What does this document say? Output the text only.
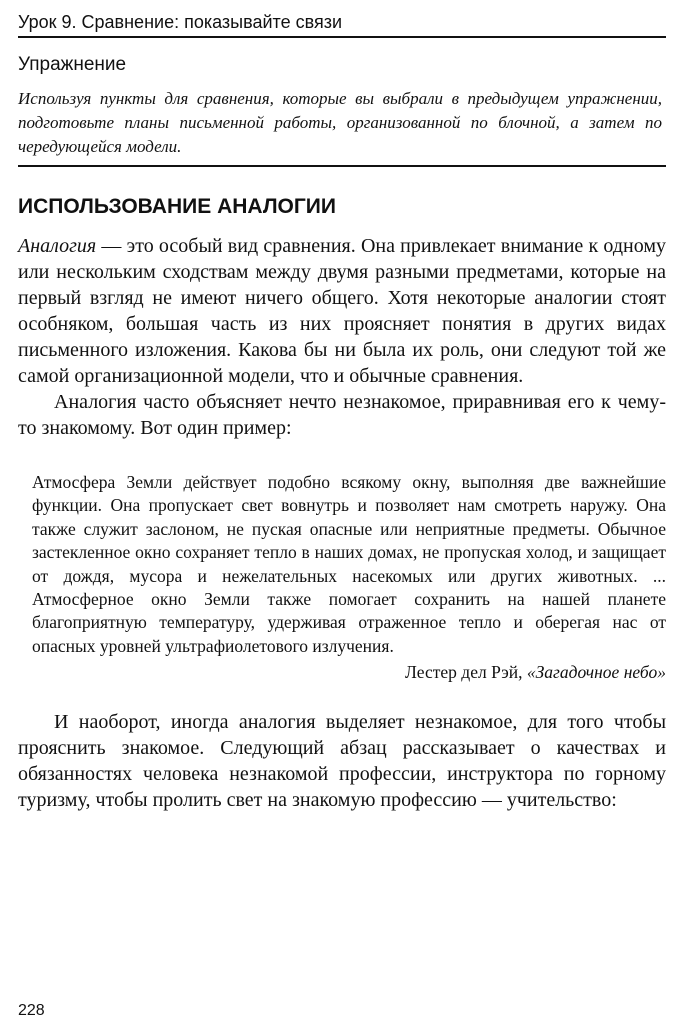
Урок 9. Сравнение: показывайте связи
Упражнение
Используя пункты для сравнения, которые вы выбрали в предыдущем упражнении, подготовьте планы письменной работы, организованной по блочной, а затем по чередующейся модели.
ИСПОЛЬЗОВАНИЕ АНАЛОГИИ

Аналогия — это особый вид сравнения. Она привлекает внимание к одному или нескольким сходствам между двумя разными предметами, которые на первый взгляд не имеют ничего общего. Хотя некоторые аналогии стоят особняком, большая часть из них проясняет понятия в других видах письменного изложения. Какова бы ни была их роль, они следуют той же самой организационной модели, что и обычные сравнения.

Аналогия часто объясняет нечто незнакомое, приравнивая его к чему-то знакомому. Вот один пример:

Атмосфера Земли действует подобно всякому окну, выполняя две важнейшие функции. Она пропускает свет вовнутрь и позволяет нам смотреть наружу. Она также служит заслоном, не пуская опасные или неприятные предметы. Обычное застекленное окно сохраняет тепло в наших домах, не пропуская холод, и защищает от дождя, мусора и нежелательных насекомых или других животных. ... Атмосферное окно Земли также помогает сохранить на нашей планете благоприятную температуру, удерживая отраженное тепло и оберегая нас от опасных уровней ультрафиолетового излучения.
Лестер дел Рэй, «Загадочное небо»

И наоборот, иногда аналогия выделяет незнакомое, для того чтобы прояснить знакомое. Следующий абзац рассказывает о качествах и обязанностях человека незнакомой профессии, инструктора по горному туризму, чтобы пролить свет на знакомую профессию — учительство:

228
